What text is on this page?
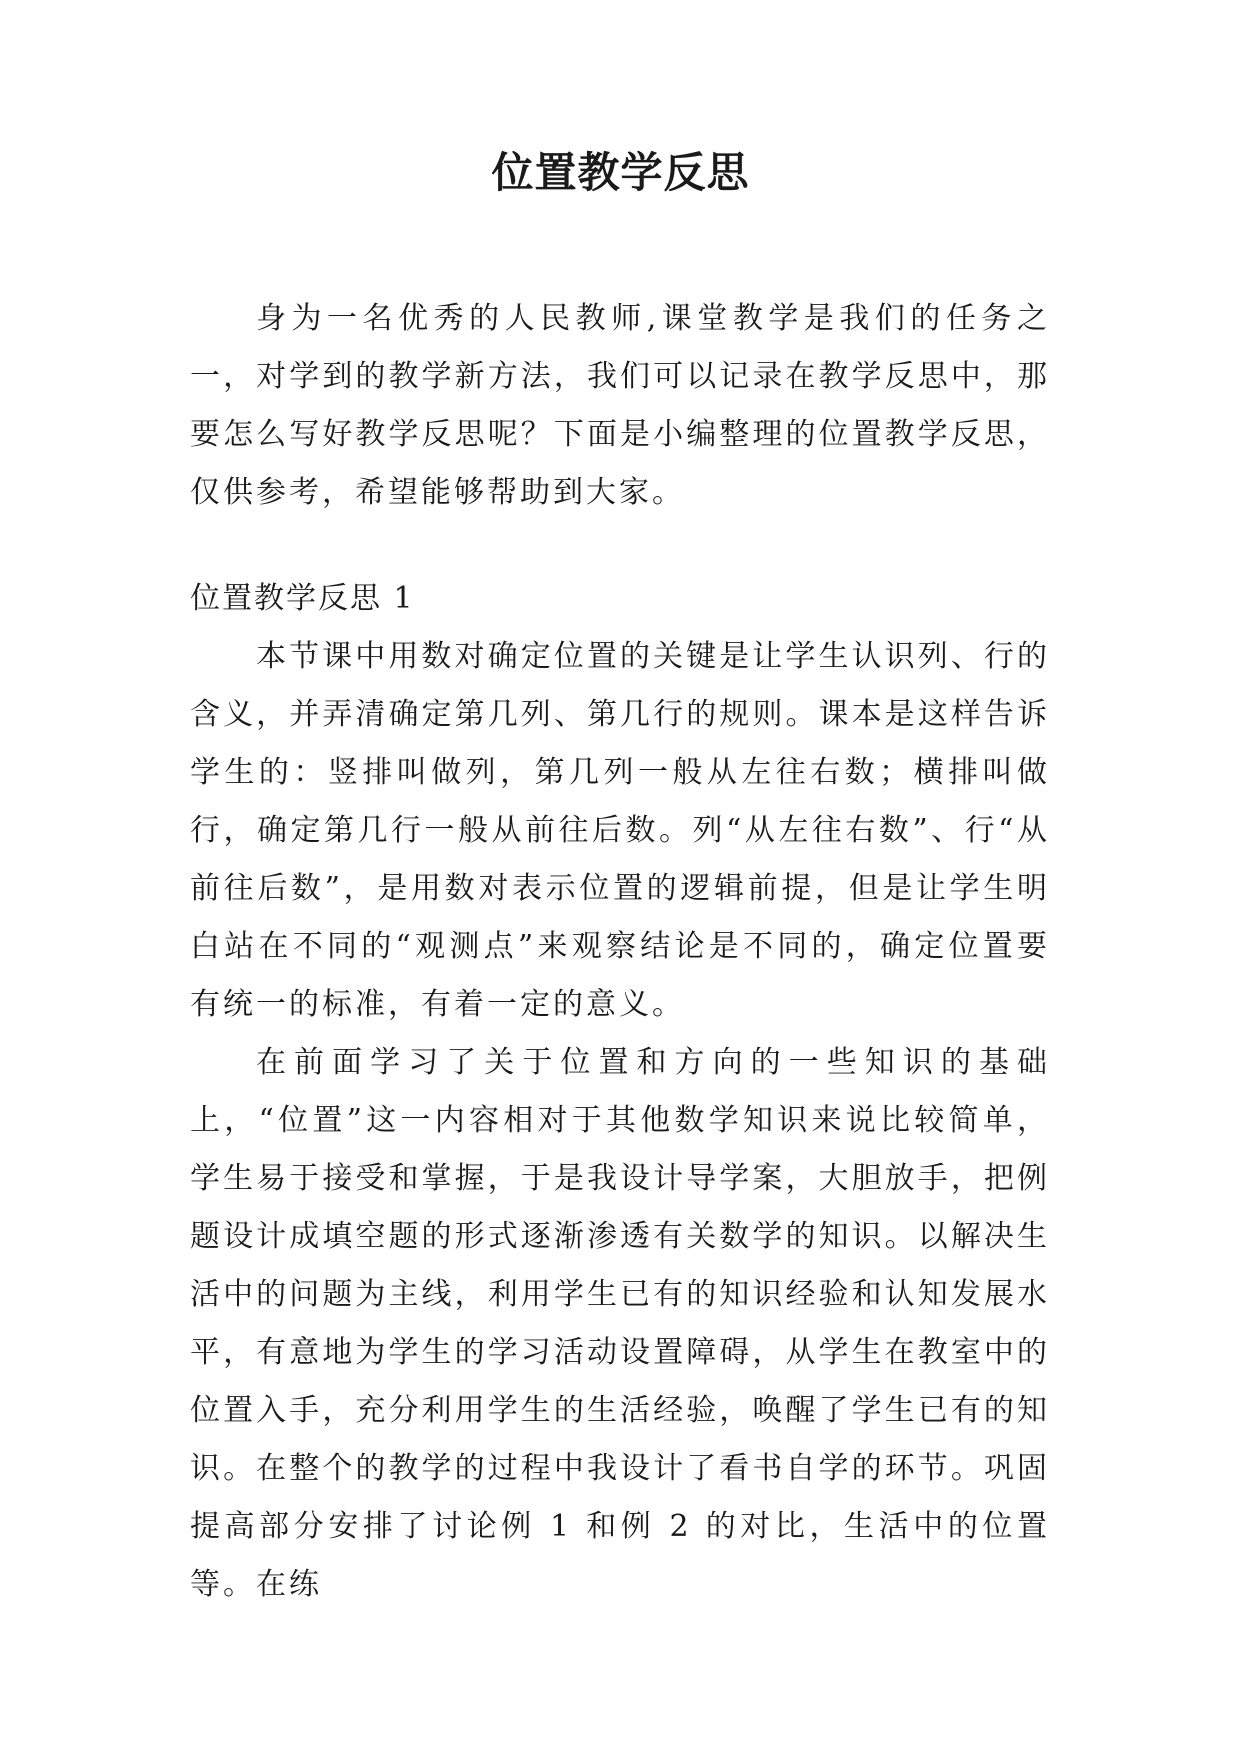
位置教学反思

身为一名优秀的人民教师,课堂教学是我们的任务之一，对学到的教学新方法，我们可以记录在教学反思中，那要怎么写好教学反思呢？下面是小编整理的位置教学反思，仅供参考，希望能够帮助到大家。

位置教学反思 1

本节课中用数对确定位置的关键是让学生认识列、行的含义，并弄清确定第几列、第几行的规则。课本是这样告诉学生的：竖排叫做列，第几列一般从左往右数；横排叫做行，确定第几行一般从前往后数。列“从左往右数”、行“从前往后数”，是用数对表示位置的逻辑前提，但是让学生明白站在不同的“观测点”来观察结论是不同的，确定位置要有统一的标准，有着一定的意义。

在前面学习了关于位置和方向的一些知识的基础上，“位置”这一内容相对于其他数学知识来说比较简单，学生易于接受和掌握，于是我设计导学案，大胆放手，把例题设计成填空题的形式逐渐渗透有关数学的知识。以解决生活中的问题为主线，利用学生已有的知识经验和认知发展水平，有意地为学生的学习活动设置障碍，从学生在教室中的位置入手，充分利用学生的生活经验，唤醒了学生已有的知识。在整个的教学的过程中我设计了看书自学的环节。巩固提高部分安排了讨论例 1 和例 2 的对比，生活中的位置等。在练
